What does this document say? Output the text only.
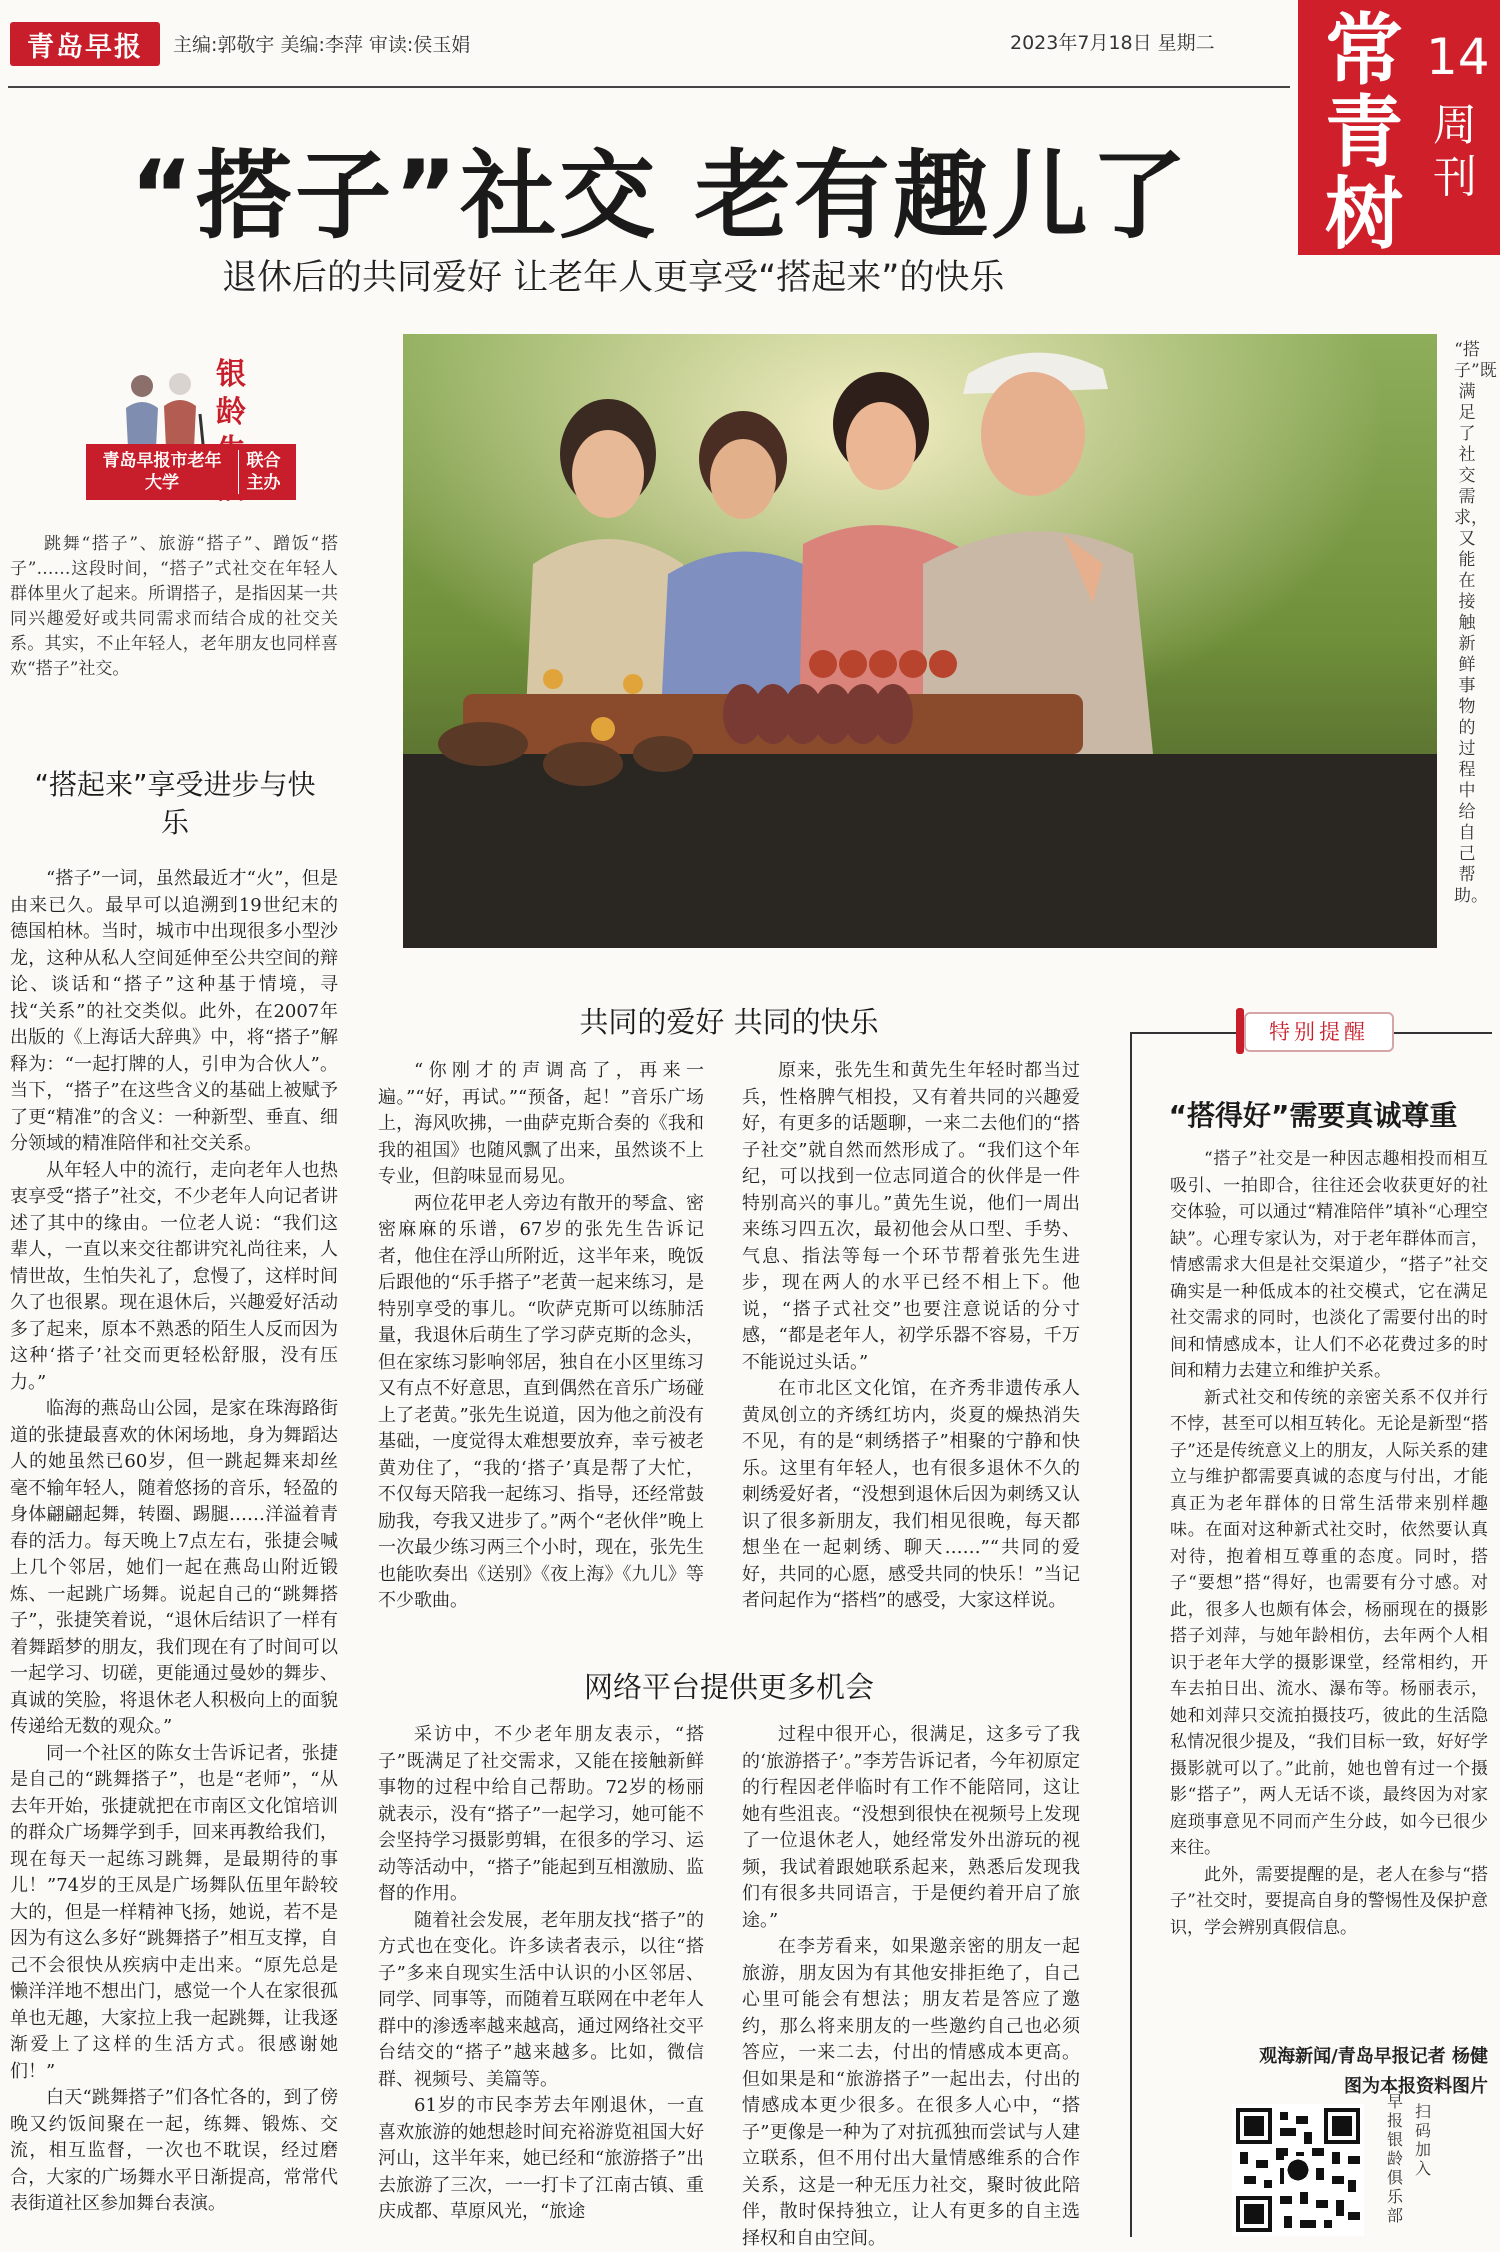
青岛早报	主编:郭敬宇 美编:李萍 审读:侯玉娟	2023年7月18日 星期二 常青树
14
周刊
“搭子”社交 老有趣儿了
退休后的共同爱好 让老年人更享受“搭起来”的快乐
银龄
青岛早报市老年大学
联合主办
跳舞“搭子”、旅游“搭子”、蹭饭“搭子”……这段时间，“搭子”式社交在年轻人群体里火了起来。所谓搭子，是指因某一共同兴趣爱好或共同需求而结合成的社交关系。其实，不止年轻人，老年朋友也同样喜欢“搭子”社交。
“搭起来”享受进步与快乐

“搭子”一词，虽然最近才“火”，但是由来已久。最早可以追溯到19世纪末的德国柏林。当时，城市中出现很多小型沙龙，这种从私人空间延伸至公共空间的辩论、谈话和“搭子”这种基于情境，寻找“关系”的社交类似。此外，在2007年出版的《上海话大辞典》中，将“搭子”解释为：“一起打牌的人，引申为合伙人”。当下，“搭子”在这些含义的基础上被赋予了更“精准”的含义：一种新型、垂直、细分领域的精准陪伴和社交关系。

从年轻人中的流行，走向老年人也热衷享受“搭子”社交，不少老年人向记者讲述了其中的缘由。一位老人说：“我们这辈人，一直以来交往都讲究礼尚往来，人情世故，生怕失礼了，怠慢了，这样时间久了也很累。现在退休后，兴趣爱好活动多了起来，原本不熟悉的陌生人反而因为这种‘搭子’社交而更轻松舒服，没有压力。”

临海的燕岛山公园，是家在珠海路街道的张捷最喜欢的休闲场地，身为舞蹈达人的她虽然已60岁，但一跳起舞来却丝毫不输年轻人，随着悠扬的音乐，轻盈的身体翩翩起舞，转圈、踢腿……洋溢着青春的活力。每天晚上7点左右，张捷会喊上几个邻居，她们一起在燕岛山附近锻炼、一起跳广场舞。说起自己的“跳舞搭子”，张捷笑着说，“退休后结识了一样有着舞蹈梦的朋友，我们现在有了时间可以一起学习、切磋，更能通过曼妙的舞步、真诚的笑脸，将退休老人积极向上的面貌传递给无数的观众。”

同一个社区的陈女士告诉记者，张捷是自己的“跳舞搭子”，也是“老师”，“从去年开始，张捷就把在市南区文化馆培训的群众广场舞学到手，回来再教给我们，现在每天一起练习跳舞，是最期待的事儿！”74岁的王凤是广场舞队伍里年龄较大的，但是一样精神飞扬，她说，若不是因为有这么多好“跳舞搭子”相互支撑，自己不会很快从疾病中走出来。“原先总是懒洋洋地不想出门，感觉一个人在家很孤单也无趣，大家拉上我一起跳舞，让我逐渐爱上了这样的生活方式。很感谢她们！”

白天“跳舞搭子”们各忙各的，到了傍晚又约饭间聚在一起，练舞、锻炼、交流，相互监督，一次也不耽误，经过磨合，大家的广场舞水平日渐提高，常常代表街道社区参加舞台表演。

“搭子”既满足了社交需求，又能在接触新鲜事物的过程中给自己帮助。
共同的爱好 共同的快乐

“你刚才的声调高了，再来一遍。”“好，再试。”“预备，起！”音乐广场上，海风吹拂，一曲萨克斯合奏的《我和我的祖国》也随风飘了出来，虽然谈不上专业，但韵味显而易见。

两位花甲老人旁边有散开的琴盒、密密麻麻的乐谱，67岁的张先生告诉记者，他住在浮山所附近，这半年来，晚饭后跟他的“乐手搭子”老黄一起来练习，是特别享受的事儿。“吹萨克斯可以练肺活量，我退休后萌生了学习萨克斯的念头，但在家练习影响邻居，独自在小区里练习又有点不好意思，直到偶然在音乐广场碰上了老黄。”张先生说道，因为他之前没有基础，一度觉得太难想要放弃，幸亏被老黄劝住了，“我的‘搭子’真是帮了大忙，不仅每天陪我一起练习、指导，还经常鼓励我，夸我又进步了。”两个“老伙伴”晚上一次最少练习两三个小时，现在，张先生也能吹奏出《送别》《夜上海》《九儿》等不少歌曲。

原来，张先生和黄先生年轻时都当过兵，性格脾气相投，又有着共同的兴趣爱好，有更多的话题聊，一来二去他们的“搭子社交”就自然而然形成了。“我们这个年纪，可以找到一位志同道合的伙伴是一件特别高兴的事儿。”黄先生说，他们一周出来练习四五次，最初他会从口型、手势、气息、指法等每一个环节帮着张先生进步，现在两人的水平已经不相上下。他说，“搭子式社交”也要注意说话的分寸感，“都是老年人，初学乐器不容易，千万不能说过头话。”

在市北区文化馆，在齐秀非遗传承人黄凤创立的齐绣红坊内，炎夏的燥热消失不见，有的是“刺绣搭子”相聚的宁静和快乐。这里有年轻人，也有很多退休不久的刺绣爱好者，“没想到退休后因为刺绣又认识了很多新朋友，我们相见很晚，每天都想坐在一起刺绣、聊天……”“共同的爱好，共同的心愿，感受共同的快乐！”当记者问起作为“搭档”的感受，大家这样说。

网络平台提供更多机会

采访中，不少老年朋友表示，“搭子”既满足了社交需求，又能在接触新鲜事物的过程中给自己帮助。72岁的杨丽就表示，没有“搭子”一起学习，她可能不会坚持学习摄影剪辑，在很多的学习、运动等活动中，“搭子”能起到互相激励、监督的作用。

随着社会发展，老年朋友找“搭子”的方式也在变化。许多读者表示，以往“搭子”多来自现实生活中认识的小区邻居、同学、同事等，而随着互联网在中老年人群中的渗透率越来越高，通过网络社交平台结交的“搭子”越来越多。比如，微信群、视频号、美篇等。

61岁的市民李芳去年刚退休，一直喜欢旅游的她想趁时间充裕游览祖国大好河山，这半年来，她已经和“旅游搭子”出去旅游了三次，一一打卡了江南古镇、重庆成都、草原风光，“旅途

过程中很开心，很满足，这多亏了我的‘旅游搭子’。”李芳告诉记者，今年初原定的行程因老伴临时有工作不能陪同，这让她有些沮丧。“没想到很快在视频号上发现了一位退休老人，她经常发外出游玩的视频，我试着跟她联系起来，熟悉后发现我们有很多共同语言，于是便约着开启了旅途。”

在李芳看来，如果邀亲密的朋友一起旅游，朋友因为有其他安排拒绝了，自己心里可能会有想法；朋友若是答应了邀约，那么将来朋友的一些邀约自己也必须答应，一来二去，付出的情感成本更高。但如果是和“旅游搭子”一起出去，付出的情感成本更少很多。在很多人心中，“搭子”更像是一种为了对抗孤独而尝试与人建立联系，但不用付出大量情感维系的合作关系，这是一种无压力社交，聚时彼此陪伴，散时保持独立，让人有更多的自主选择权和自由空间。

特别提醒
“搭得好”需要真诚尊重

“搭子”社交是一种因志趣相投而相互吸引、一拍即合，往往还会收获更好的社交体验，可以通过“精准陪伴”填补“心理空缺”。心理专家认为，对于老年群体而言，情感需求大但是社交渠道少，“搭子”社交确实是一种低成本的社交模式，它在满足社交需求的同时，也淡化了需要付出的时间和情感成本，让人们不必花费过多的时间和精力去建立和维护关系。

新式社交和传统的亲密关系不仅并行不悖，甚至可以相互转化。无论是新型“搭子”还是传统意义上的朋友，人际关系的建立与维护都需要真诚的态度与付出，才能真正为老年群体的日常生活带来别样趣味。在面对这种新式社交时，依然要认真对待，抱着相互尊重的态度。同时，搭子“要想”搭“得好，也需要有分寸感。对此，很多人也颇有体会，杨丽现在的摄影搭子刘萍，与她年龄相仿，去年两个人相识于老年大学的摄影课堂，经常相约，开车去拍日出、流水、瀑布等。杨丽表示，她和刘萍只交流拍摄技巧，彼此的生活隐私情况很少提及，“我们目标一致，好好学摄影就可以了。”此前，她也曾有过一个摄影“搭子”，两人无话不谈，最终因为对家庭琐事意见不同而产生分歧，如今已很少来往。

此外，需要提醒的是，老人在参与“搭子”社交时，要提高自身的警惕性及保护意识，学会辨别真假信息。

观海新闻/青岛早报记者 杨健
图为本报资料图片
早报银龄俱乐部
扫码加入
